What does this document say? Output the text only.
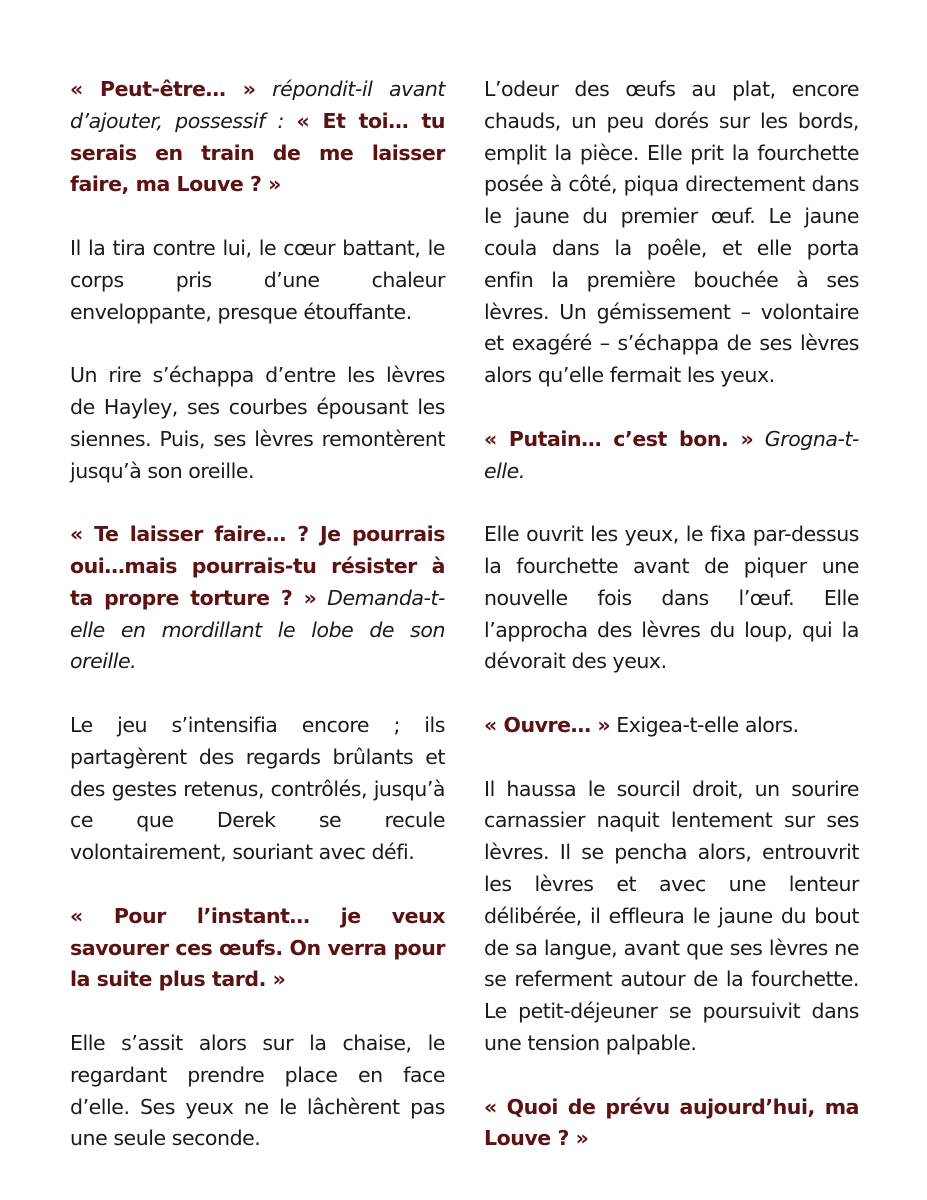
« Peut-être… » répondit-il avant d’ajouter, possessif : « Et toi… tu serais en train de me laisser faire, ma Louve ? »

Il la tira contre lui, le cœur battant, le corps pris d’une chaleur enveloppante, presque étouffante.

Un rire s’échappa d’entre les lèvres de Hayley, ses courbes épousant les siennes. Puis, ses lèvres remontèrent jusqu’à son oreille.

« Te laisser faire… ? Je pourrais oui…mais pourrais-tu résister à ta propre torture ? » Demanda-t-elle en mordillant le lobe de son oreille.

Le jeu s’intensifia encore ; ils partagèrent des regards brûlants et des gestes retenus, contrôlés, jusqu’à ce que Derek se recule volontairement, souriant avec défi.

« Pour l’instant… je veux savourer ces œufs. On verra pour la suite plus tard. »

Elle s’assit alors sur la chaise, le regardant prendre place en face d’elle. Ses yeux ne le lâchèrent pas une seule seconde.

L’odeur des œufs au plat, encore chauds, un peu dorés sur les bords, emplit la pièce. Elle prit la fourchette posée à côté, piqua directement dans le jaune du premier œuf. Le jaune coula dans la poêle, et elle porta enfin la première bouchée à ses lèvres. Un gémissement – volontaire et exagéré – s’échappa de ses lèvres alors qu’elle fermait les yeux.

« Putain… c’est bon. » Grogna-t-elle.

Elle ouvrit les yeux, le fixa par-dessus la fourchette avant de piquer une nouvelle fois dans l’œuf. Elle l’approcha des lèvres du loup, qui la dévorait des yeux.

« Ouvre… » Exigea-t-elle alors.

Il haussa le sourcil droit, un sourire carnassier naquit lentement sur ses lèvres. Il se pencha alors, entrouvrit les lèvres et avec une lenteur délibérée, il effleura le jaune du bout de sa langue, avant que ses lèvres ne se referment autour de la fourchette. Le petit-déjeuner se poursuivit dans une tension palpable.

« Quoi de prévu aujourd’hui, ma Louve ? »
